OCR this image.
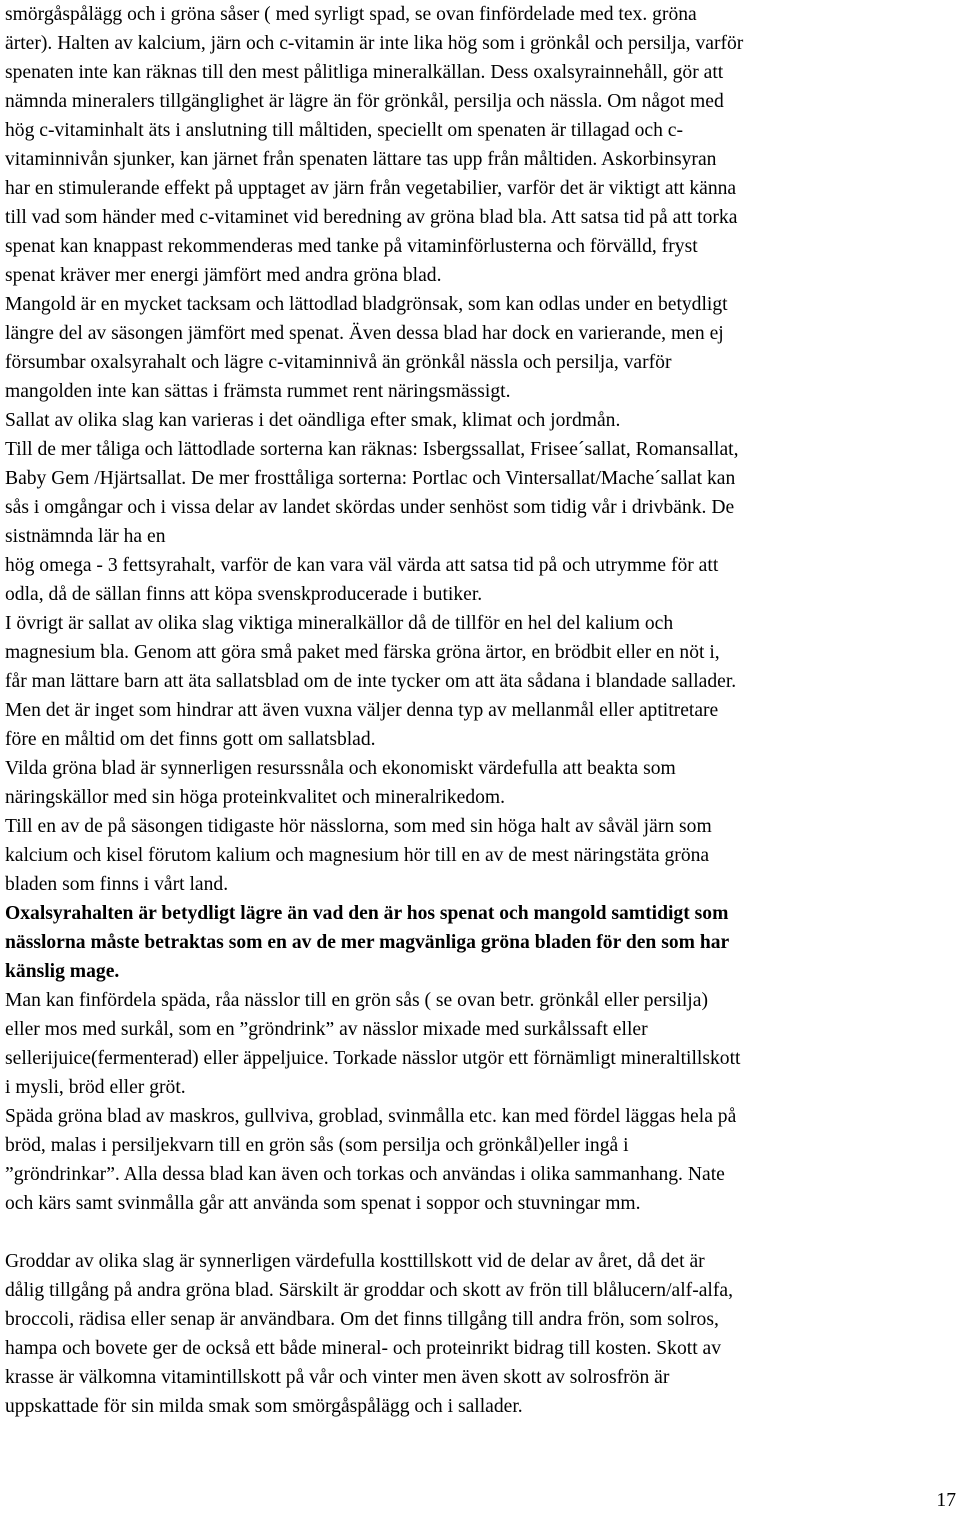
smörgåspålägg och i gröna såser ( med syrligt spad, se ovan finfördelade med tex. gröna
ärter). Halten av kalcium, järn och c-vitamin är inte lika hög som i grönkål och persilja, varför
spenaten inte kan räknas till den mest pålitliga mineralkällan. Dess oxalsyrainnehåll, gör att
nämnda mineralers tillgänglighet är lägre än för grönkål, persilja och nässla. Om något med
hög c-vitaminhalt äts i anslutning till måltiden, speciellt om spenaten är tillagad och c-
vitaminnivån sjunker, kan järnet från spenaten lättare tas upp från måltiden. Askorbinsyran
har en stimulerande effekt på upptaget av järn från vegetabilier, varför det är viktigt att känna
till vad som händer med c-vitaminet vid beredning av gröna blad bla. Att satsa tid på att torka
spenat kan knappast rekommenderas med tanke på vitaminförlusterna och förvälld, fryst
spenat kräver mer energi jämfört med andra gröna blad.
Mangold är en mycket tacksam och lättodlad bladgrönsak, som kan odlas under en betydligt
längre del av säsongen jämfört med spenat. Även dessa blad har dock en varierande, men ej
försumbar oxalsyrahalt och lägre c-vitaminnivå än grönkål nässla och persilja, varför
mangolden inte kan sättas i främsta rummet rent näringsmässigt.
Sallat av olika slag kan varieras i det oändliga efter smak, klimat och jordmån.
Till de mer tåliga och lättodlade sorterna kan räknas: Isbergssallat, Frisee´sallat, Romansallat,
Baby Gem /Hjärtsallat. De mer frosttåliga sorterna: Portlac och Vintersallat/Mache´sallat kan
sås i omgångar och i vissa delar av landet skördas under senhöst som tidig vår i drivbänk. De
sistnämnda lär ha en
hög omega - 3 fettsyrahalt, varför de kan vara väl värda att satsa tid på och utrymme för att
odla, då de sällan finns att köpa svenskproducerade i butiker.
I övrigt är sallat av olika slag viktiga mineralkällor då de tillför en hel del kalium och
magnesium bla. Genom att göra små paket med färska gröna ärtor, en brödbit eller en nöt i,
får man lättare barn att äta sallatsblad om de inte tycker om att äta sådana i blandade sallader.
Men det är inget som hindrar att även vuxna väljer denna typ av mellanmål eller aptitretare
före en måltid om det finns gott om sallatsblad.
Vilda gröna blad är synnerligen resurssnåla och ekonomiskt värdefulla att beakta som
näringskällor med sin höga proteinkvalitet och mineralrikedom.
Till en av de på säsongen tidigaste hör nässlorna, som med sin höga halt av såväl järn som
kalcium och kisel förutom kalium och magnesium hör till en av de mest näringstäta gröna
bladen som finns i vårt land.
Oxalsyrahalten är betydligt lägre än vad den är hos spenat och mangold samtidigt som
nässlorna måste betraktas som en av de mer magvänliga gröna bladen för den som har
känslig mage.
Man kan finfördela späda, råa nässlor till en grön sås ( se ovan betr. grönkål eller persilja)
eller mos med surkål, som en ”gröndrink” av nässlor mixade med surkålssaft eller
sellerijuice(fermenterad) eller äppeljuice. Torkade nässlor utgör ett förnämligt mineraltillskott
i mysli, bröd eller gröt.
Späda gröna blad av maskros, gullviva, groblad, svinmålla etc. kan med fördel läggas hela på
bröd, malas i persiljekvarn till en grön sås (som persilja och grönkål)eller ingå i
”gröndrinkar”. Alla dessa blad kan även och torkas och användas i olika sammanhang. Nate
och kärs samt svinmålla går att använda som spenat i soppor och stuvningar mm.
Groddar av olika slag är synnerligen värdefulla kosttillskott vid de delar av året, då det är
dålig tillgång på andra gröna blad. Särskilt är groddar och skott av frön till blålucern/alf-alfa,
broccoli, rädisa eller senap är användbara. Om det finns tillgång till andra frön, som solros,
hampa och bovete ger de också ett både mineral- och proteinrikt bidrag till kosten. Skott av
krasse är välkomna vitamintillskott på vår och vinter men även skott av solrosfrön är
uppskattade för sin milda smak som smörgåspålägg och i sallader.
17
